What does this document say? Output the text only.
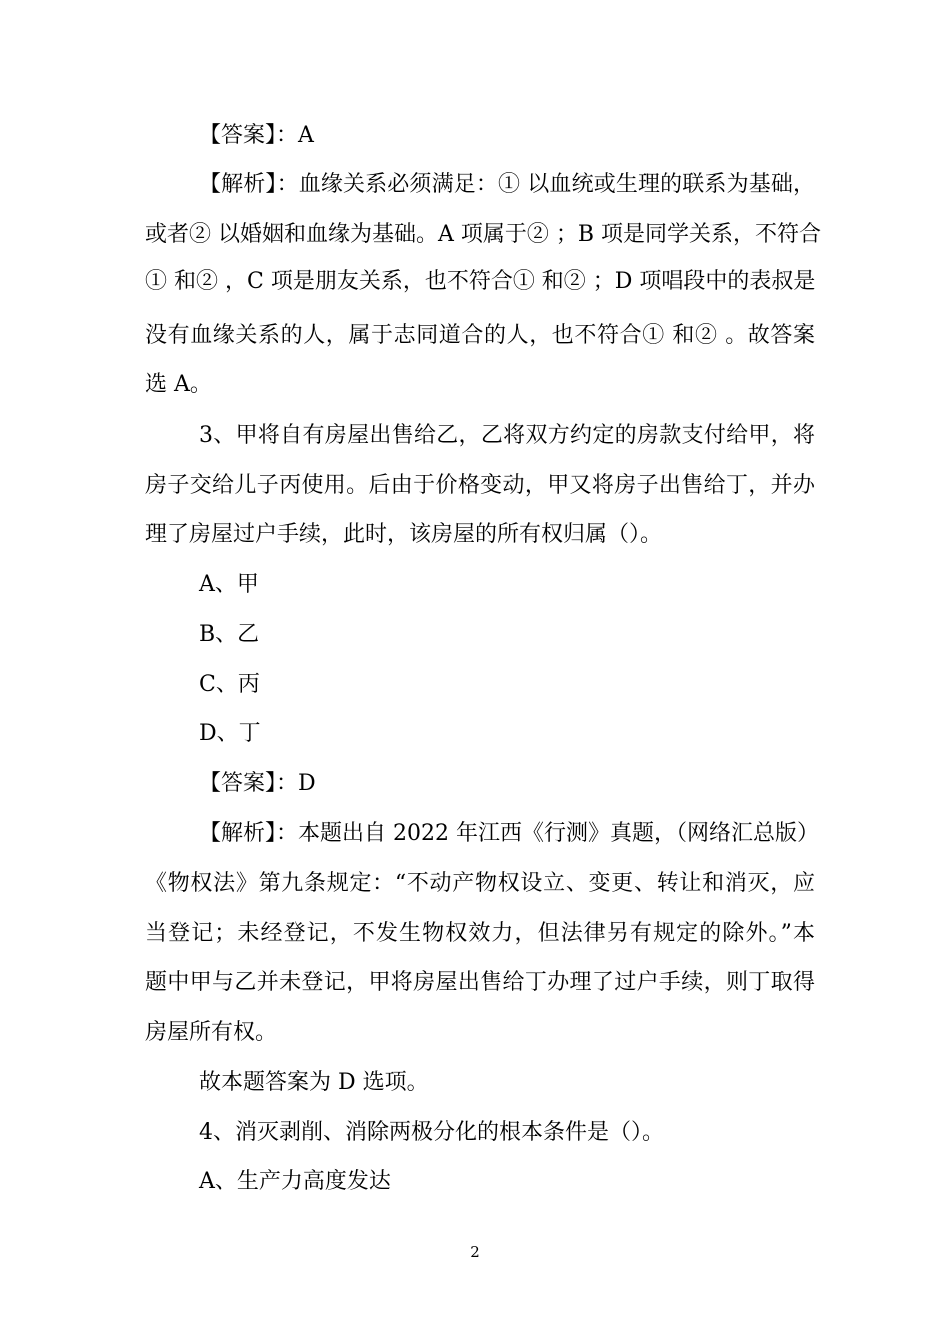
【答案】：A
【解析】：血缘关系必须满足：① 以血统或生理的联系为基础，
或者② 以婚姻和血缘为基础。A 项属于② ；B 项是同学关系，不符合
① 和② ，C 项是朋友关系，也不符合① 和② ；D 项唱段中的表叔是
没有血缘关系的人，属于志同道合的人，也不符合① 和② 。故答案
选 A。
3、甲将自有房屋出售给乙，乙将双方约定的房款支付给甲，将
房子交给儿子丙使用。后由于价格变动，甲又将房子出售给丁，并办
理了房屋过户手续，此时，该房屋的所有权归属（）。
A、甲
B、乙
C、丙
D、丁
【答案】：D
【解析】：本题出自 2022 年江西《行测》真题，（网络汇总版）
《物权法》第九条规定：“不动产物权设立、变更、转让和消灭，应
当登记；未经登记，不发生物权效力，但法律另有规定的除外。”本
题中甲与乙并未登记，甲将房屋出售给丁办理了过户手续，则丁取得
房屋所有权。
故本题答案为 D 选项。
4、消灭剥削、消除两极分化的根本条件是（）。
A、生产力高度发达
2
